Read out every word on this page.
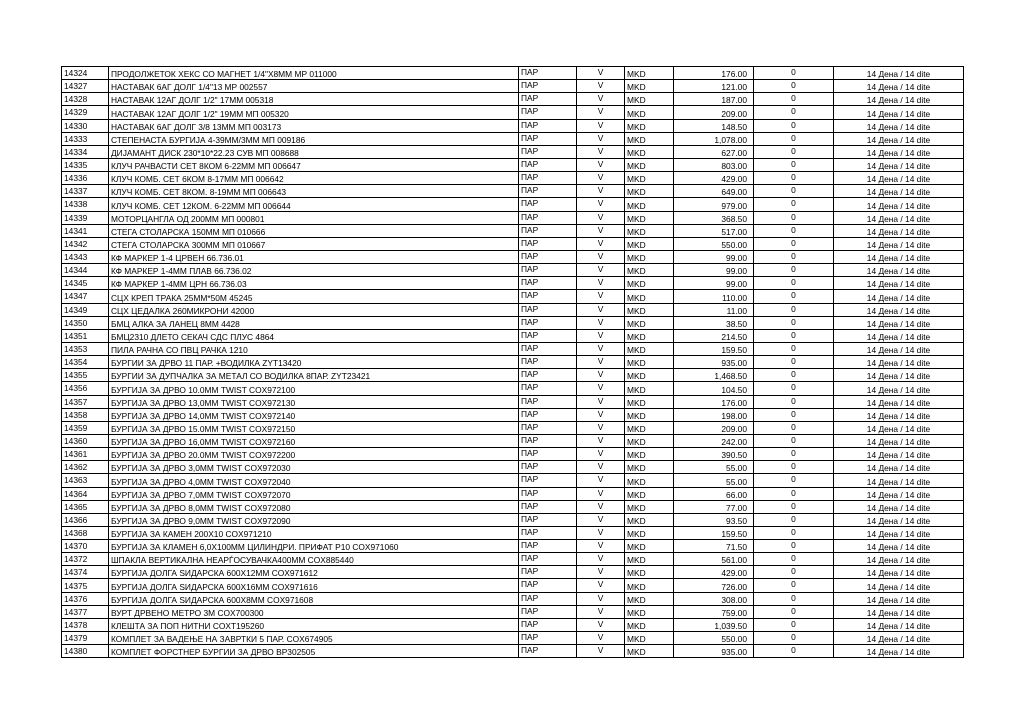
14324	ПРОДОЛЖЕТОК ХЕКС СО МАГНЕТ 1/4"Х8ММ МР 011000	ПАР	V	MKD	176.00	0	14 Дена / 14 dite
14327	НАСТАВАК 6АГ ДОЛГ 1/4"13 МР 002557	ПАР	V	MKD	121.00	0	14 Дена / 14 dite
14328	НАСТАВАК 12АГ ДОЛГ 1/2" 17ММ 005318	ПАР	V	MKD	187.00	0	14 Дена / 14 dite
14329	НАСТАВАК 12АГ ДОЛГ 1/2" 19ММ МП 005320	ПАР	V	MKD	209.00	0	14 Дена / 14 dite
14330	НАСТАВАК 6АГ ДОЛГ 3/8 13ММ МП 003173	ПАР	V	MKD	148.50	0	14 Дена / 14 dite
14333	СТЕПЕНАСТА БУРГИЈА 4-39ММ/3ММ МП 009186	ПАР	V	MKD	1,078.00	0	14 Дена / 14 dite
14334	ДИЈАМАНТ ДИСК 230*10*22.23 СУВ МП 008688	ПАР	V	MKD	627.00	0	14 Дена / 14 dite
14335	КЛУЧ РАЧВАСТИ СЕТ 8КОМ 6-22ММ МП 006647	ПАР	V	MKD	803.00	0	14 Дена / 14 dite
14336	КЛУЧ КОМБ. СЕТ 6КОМ 8-17ММ МП 006642	ПАР	V	MKD	429.00	0	14 Дена / 14 dite
14337	КЛУЧ КОМБ. СЕТ 8КОМ. 8-19ММ МП 006643	ПАР	V	MKD	649.00	0	14 Дена / 14 dite
14338	КЛУЧ КОМБ. СЕТ 12КОМ. 6-22ММ МП 006644	ПАР	V	MKD	979.00	0	14 Дена / 14 dite
14339	МОТОРЦАНГЛА ОД 200ММ МП 000801	ПАР	V	MKD	368.50	0	14 Дена / 14 dite
14341	СТЕГА СТОЛАРСКА 150ММ МП 010666	ПАР	V	MKD	517.00	0	14 Дена / 14 dite
14342	СТЕГА СТОЛАРСКА 300ММ МП 010667	ПАР	V	MKD	550.00	0	14 Дена / 14 dite
14343	КФ МАРКЕР 1-4 ЦРВЕН 66.736.01	ПАР	V	MKD	99.00	0	14 Дена / 14 dite
14344	КФ МАРКЕР 1-4ММ ПЛАВ 66.736.02	ПАР	V	MKD	99.00	0	14 Дена / 14 dite
14345	КФ МАРКЕР 1-4ММ ЦРН 66.736.03	ПАР	V	MKD	99.00	0	14 Дена / 14 dite
14347	СЦХ КРЕП ТРАКА 25ММ*50М 45245	ПАР	V	MKD	110.00	0	14 Дена / 14 dite
14349	СЦХ ЦЕДАЛКА 260МИКРОНИ 42000	ПАР	V	MKD	11.00	0	14 Дена / 14 dite
14350	БМЦ АЛКА ЗА ЛАНЕЦ 8ММ 4428	ПАР	V	MKD	38.50	0	14 Дена / 14 dite
14351	БМЦ2310 ДЛЕТО СЕКАЧ СДС ПЛУС 4864	ПАР	V	MKD	214.50	0	14 Дена / 14 dite
14353	ПИЛА РАЧНА СО ПВЦ РАЧКА 1210	ПАР	V	MKD	159.50	0	14 Дена / 14 dite
14354	БУРГИИ ЗА ДРВО 11 ПАР. +ВОДИЛКА ZYT13420	ПАР	V	MKD	935.00	0	14 Дена / 14 dite
14355	БУРГИИ ЗА ДУПЧАЛКА ЗА МЕТАЛ СО ВОДИЛКА 8ПАР. ZYT23421	ПАР	V	MKD	1,468.50	0	14 Дена / 14 dite
14356	БУРГИЈА ЗА ДРВО 10.0ММ TWIST COX972100	ПАР	V	MKD	104.50	0	14 Дена / 14 dite
14357	БУРГИЈА ЗА ДРВО 13,0ММ TWIST COX972130	ПАР	V	MKD	176.00	0	14 Дена / 14 dite
14358	БУРГИЈА ЗА ДРВО 14,0ММ TWIST COX972140	ПАР	V	MKD	198.00	0	14 Дена / 14 dite
14359	БУРГИЈА ЗА ДРВО 15.0ММ TWIST COX972150	ПАР	V	MKD	209.00	0	14 Дена / 14 dite
14360	БУРГИЈА ЗА ДРВО 16,0ММ TWIST COX972160	ПАР	V	MKD	242.00	0	14 Дена / 14 dite
14361	БУРГИЈА ЗА ДРВО 20.0ММ TWIST COX972200	ПАР	V	MKD	390.50	0	14 Дена / 14 dite
14362	БУРГИЈА ЗА ДРВО 3,0ММ TWIST COX972030	ПАР	V	MKD	55.00	0	14 Дена / 14 dite
14363	БУРГИЈА ЗА ДРВО 4,0ММ TWIST COX972040	ПАР	V	MKD	55.00	0	14 Дена / 14 dite
14364	БУРГИЈА ЗА ДРВО 7,0ММ TWIST COX972070	ПАР	V	MKD	66.00	0	14 Дена / 14 dite
14365	БУРГИЈА ЗА ДРВО 8,0ММ TWIST COX972080	ПАР	V	MKD	77.00	0	14 Дена / 14 dite
14366	БУРГИЈА ЗА ДРВО 9,0ММ TWIST COX972090	ПАР	V	MKD	93.50	0	14 Дена / 14 dite
14368	БУРГИЈА ЗА КАМЕН 200X10 COX971210	ПАР	V	MKD	159.50	0	14 Дена / 14 dite
14370	БУРГИЈА ЗА КЛАМЕН 6,0X100ММ ЦИЛИНДРИ. ПРИФАТ Р10 COX971060	ПАР	V	MKD	71.50	0	14 Дена / 14 dite
14372	ШПАКЛА ВЕРТИКАЛНА НЕАРЃОСУВАЧКА400ММ COX885440	ПАР	V	MKD	561.00	0	14 Дена / 14 dite
14374	БУРГИЈА ДОЛГА ЅИДАРСКА 600Х12ММ COX971612	ПАР	V	MKD	429.00	0	14 Дена / 14 dite
14375	БУРГИЈА ДОЛГА ЅИДАРСКА 600Х16ММ COX971616	ПАР	V	MKD	726.00	0	14 Дена / 14 dite
14376	БУРГИЈА ДОЛГА ЅИДАРСКА 600Х8ММ COX971608	ПАР	V	MKD	308.00	0	14 Дена / 14 dite
14377	ВУРТ ДРВЕНО МЕТРО 3М COX700300	ПАР	V	MKD	759.00	0	14 Дена / 14 dite
14378	КЛЕШТА ЗА ПОП НИТНИ COXT195260	ПАР	V	MKD	1,039.50	0	14 Дена / 14 dite
14379	КОМПЛЕТ ЗА ВАДЕЊЕ НА ЗАВРТКИ 5 ПАР. COX674905	ПАР	V	MKD	550.00	0	14 Дена / 14 dite
14380	КОМПЛЕТ ФОРСТНЕР БУРГИИ ЗА ДРВО BP302505	ПАР	V	MKD	935.00	0	14 Дена / 14 dite
